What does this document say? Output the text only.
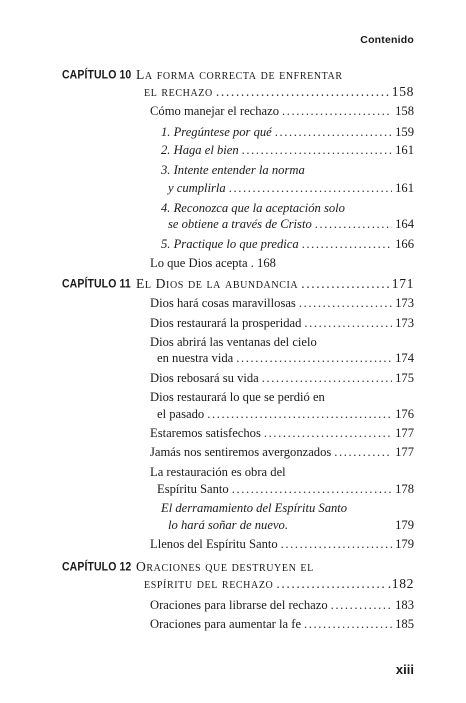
Contenido
CAPÍTULO 10 La forma correcta de enfrentar
el rechazo .....	158
Cómo manejar el rechazo .....	158
1. Pregúntese por qué .....	159
2. Haga el bien .....	161
3. Intente entender la norma
y cumplirla .....	161
4. Reconozca que la aceptación solo
se obtiene a través de Cristo .....	164
5. Practique lo que predica .....	166
Lo que Dios acepta . 168
CAPÍTULO 11 El Dios de la abundancia .....	171
Dios hará cosas maravillosas .....	173
Dios restaurará la prosperidad .....	173
Dios abrirá las ventanas del cielo
en nuestra vida .....	174
Dios rebosará su vida .....	175
Dios restaurará lo que se perdió en
el pasado .....	176
Estaremos satisfechos .....	177
Jamás nos sentiremos avergonzados .....	177
La restauración es obra del
Espíritu Santo .....	178
El derramamiento del Espíritu Santo
lo hará soñar de nuevo.	179
Llenos del Espíritu Santo .....	179
CAPÍTULO 12 Oraciones que destruyen el
espíritu del rechazo .....	.182
Oraciones para librarse del rechazo .....	183
Oraciones para aumentar la fe .....	185
xiii
